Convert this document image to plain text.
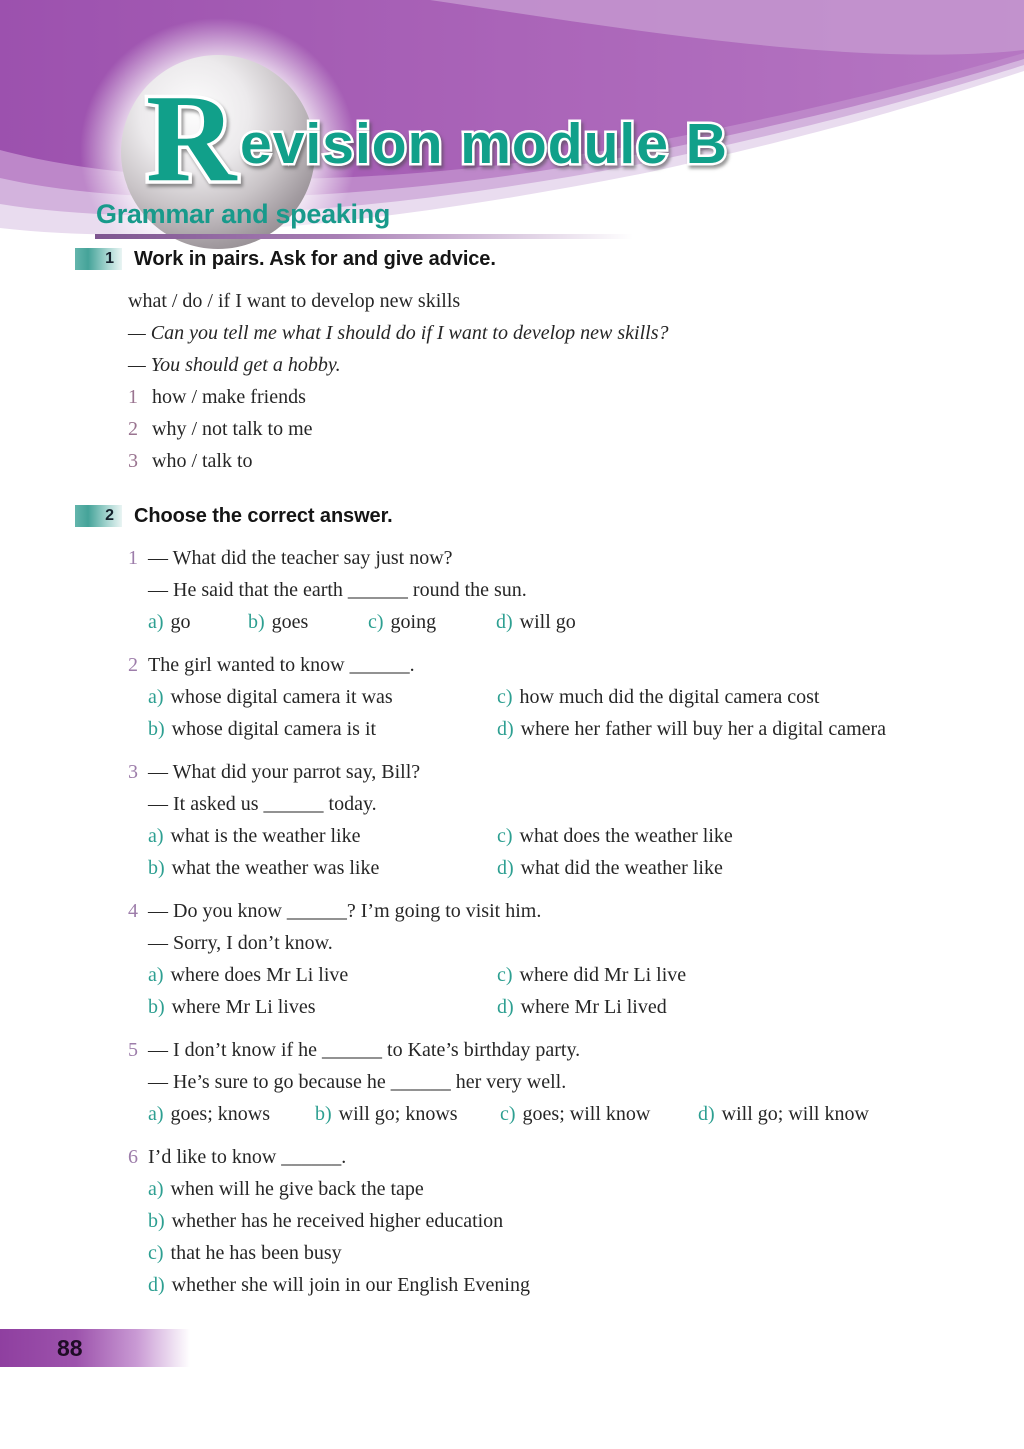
R evision module B
Grammar and speaking
1	Work in pairs. Ask for and give advice.
what / do / if I want to develop new skills
— Can you tell me what I should do if I want to develop new skills?
— You should get a hobby.
1 how / make friends
2 why / not talk to me
3 who / talk to
2	Choose the correct answer.
1 — What did the teacher say just now?
— He said that the earth ______ round the sun.
a) go	b) goes	c) going	d) will go
2 The girl wanted to know ______.
a) whose digital camera it was	c) how much did the digital camera cost
b) whose digital camera is it	d) where her father will buy her a digital camera
3 — What did your parrot say, Bill?
— It asked us ______ today.
a) what is the weather like	c) what does the weather like
b) what the weather was like	d) what did the weather like
4 — Do you know ______? I’m going to visit him.
— Sorry, I don’t know.
a) where does Mr Li live	c) where did Mr Li live
b) where Mr Li lives	d) where Mr Li lived
5 — I don’t know if he ______ to Kate’s birthday party.
— He’s sure to go because he ______ her very well.
a) goes; knows b) will go; knows c) goes; will know d) will go; will know
6 I’d like to know ______.
a) when will he give back the tape
b) whether has he received higher education
c) that he has been busy
d) whether she will join in our English Evening
88
